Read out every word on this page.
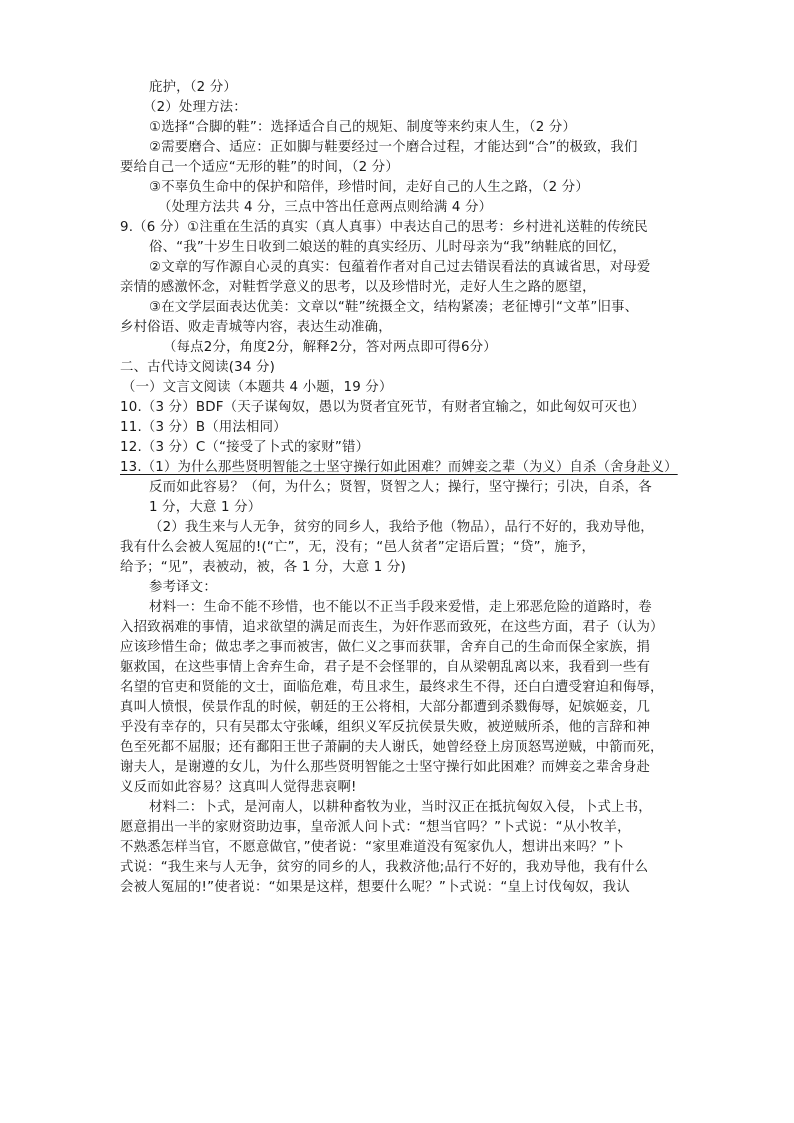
庇护，（2 分）
（2）处理方法：
①选择“合脚的鞋”：选择适合自己的规矩、制度等来约束人生，（2 分）
②需要磨合、适应：正如脚与鞋要经过一个磨合过程，才能达到“合”的极致，我们
要给自己一个适应“无形的鞋”的时间，（2 分）
③不辜负生命中的保护和陪伴，珍惜时间，走好自己的人生之路，（2 分）
（处理方法共 4 分，三点中答出任意两点则给满 4 分）
9.（6 分）①注重在生活的真实（真人真事）中表达自己的思考：乡村进礼送鞋的传统民
俗、“我”十岁生日收到二娘送的鞋的真实经历、儿时母亲为“我”纳鞋底的回忆，
②文章的写作源自心灵的真实：包蕴着作者对自己过去错误看法的真诚省思，对母爱
亲情的感激怀念，对鞋哲学意义的思考，以及珍惜时光，走好人生之路的愿望，
③在文学层面表达优美：文章以“鞋”统摄全文，结构紧凑；老征博引“文革”旧事、
乡村俗语、败走青城等内容，表达生动准确，
（每点2分，角度2分，解释2分，答对两点即可得6分）
二、古代诗文阅读(34 分)
（一）文言文阅读（本题共 4 小题，19 分）
10.（3 分）BDF（天子谋匈奴，愚以为贤者宜死节，有财者宜输之，如此匈奴可灭也）
11.（3 分）B（用法相同）
12.（3 分）C（“接受了卜式的家财”错）
13.（1）为什么那些贤明智能之士坚守操行如此困难？而婢妾之辈（为义）自杀（舍身赴义）
反而如此容易？（何，为什么；贤智，贤智之人；操行，坚守操行；引决，自杀，各
1 分，大意 1 分）
（2）我生来与人无争，贫穷的同乡人，我给予他（物品），品行不好的，我劝导他，
我有什么会被人冤屈的!(“亡”，无，没有；“邑人贫者”定语后置；“贷”，施予，
给予；“见”，表被动，被，各 1 分，大意 1 分)
参考译文：
材料一：生命不能不珍惜，也不能以不正当手段来爱惜，走上邪恶危险的道路时，卷
入招致祸难的事情，追求欲望的满足而丧生，为奸作恶而致死，在这些方面，君子（认为）
应该珍惜生命；做忠孝之事而被害，做仁义之事而获罪，舍弃自己的生命而保全家族，捐
躯救国，在这些事情上舍弃生命，君子是不会怪罪的，自从梁朝乱离以来，我看到一些有
名望的官吏和贤能的文士，面临危难，苟且求生，最终求生不得，还白白遭受窘迫和侮辱，
真叫人愤恨，侯景作乱的时候，朝廷的王公将相，大部分都遭到杀戮侮辱，妃嫔姬妾，几
乎没有幸存的，只有吴郡太守张嵊，组织义军反抗侯景失败，被逆贼所杀，他的言辞和神
色至死都不屈服；还有鄱阳王世子萧嗣的夫人谢氏，她曾经登上房顶怒骂逆贼，中箭而死，
谢夫人，是谢遵的女儿，为什么那些贤明智能之士坚守操行如此困难？而婢妾之辈舍身赴
义反而如此容易？这真叫人觉得悲哀啊!
材料二：卜式，是河南人，以耕种畜牧为业，当时汉正在抵抗匈奴入侵，卜式上书，
愿意捐出一半的家财资助边事，皇帝派人问卜式：“想当官吗？”卜式说：“从小牧羊，
不熟悉怎样当官，不愿意做官，”使者说：“家里难道没有冤家仇人，想讲出来吗？”卜
式说：“我生来与人无争，贫穷的同乡的人，我救济他;品行不好的，我劝导他，我有什么
会被人冤屈的!”使者说：“如果是这样，想要什么呢？”卜式说：“皇上讨伐匈奴，我认
